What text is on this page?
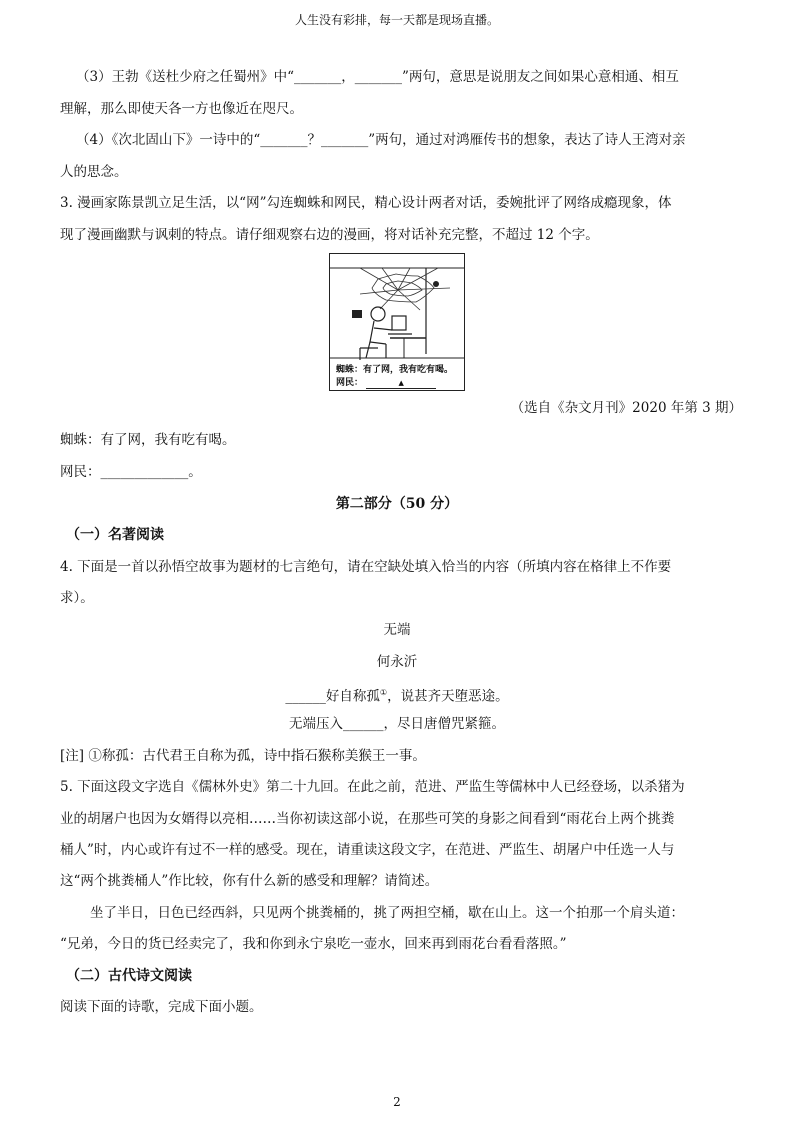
人生没有彩排，每一天都是现场直播。
（3）王勃《送杜少府之任蜀州》中“_______，_______”两句，意思是说朋友之间如果心意相通、相互
理解，那么即使天各一方也像近在咫尺。
（4）《次北固山下》一诗中的“_______？_______”两句，通过对鸿雁传书的想象，表达了诗人王湾对亲
人的思念。
3. 漫画家陈景凯立足生活，以“网”勾连蜘蛛和网民，精心设计两者对话，委婉批评了网络成瘾现象，体
现了漫画幽默与讽刺的特点。请仔细观察右边的漫画，将对话补充完整，不超过 12 个字。
蜘蛛：有了网，我有吃有喝。
网民：	▲
（选自《杂文月刊》2020 年第 3 期）
蜘蛛：有了网，我有吃有喝。
网民：_____________。
第二部分（50 分）
（一）名著阅读
4. 下面是一首以孙悟空故事为题材的七言绝句，请在空缺处填入恰当的内容（所填内容在格律上不作要
求）。
无端
何永沂
______好自称孤①，说甚齐天堕恶途。
无端压入______，尽日唐僧咒紧箍。
[注] ①称孤：古代君王自称为孤，诗中指石猴称美猴王一事。
5. 下面这段文字选自《儒林外史》第二十九回。在此之前，范进、严监生等儒林中人已经登场，以杀猪为
业的胡屠户也因为女婿得以亮相……当你初读这部小说，在那些可笑的身影之间看到“雨花台上两个挑粪
桶人”时，内心或许有过不一样的感受。现在，请重读这段文字，在范进、严监生、胡屠户中任选一人与
这“两个挑粪桶人”作比较，你有什么新的感受和理解？请简述。
坐了半日，日色已经西斜，只见两个挑粪桶的，挑了两担空桶，歇在山上。这一个拍那一个肩头道：
“兄弟，今日的货已经卖完了，我和你到永宁泉吃一壶水，回来再到雨花台看看落照。”
（二）古代诗文阅读
阅读下面的诗歌，完成下面小题。
2
